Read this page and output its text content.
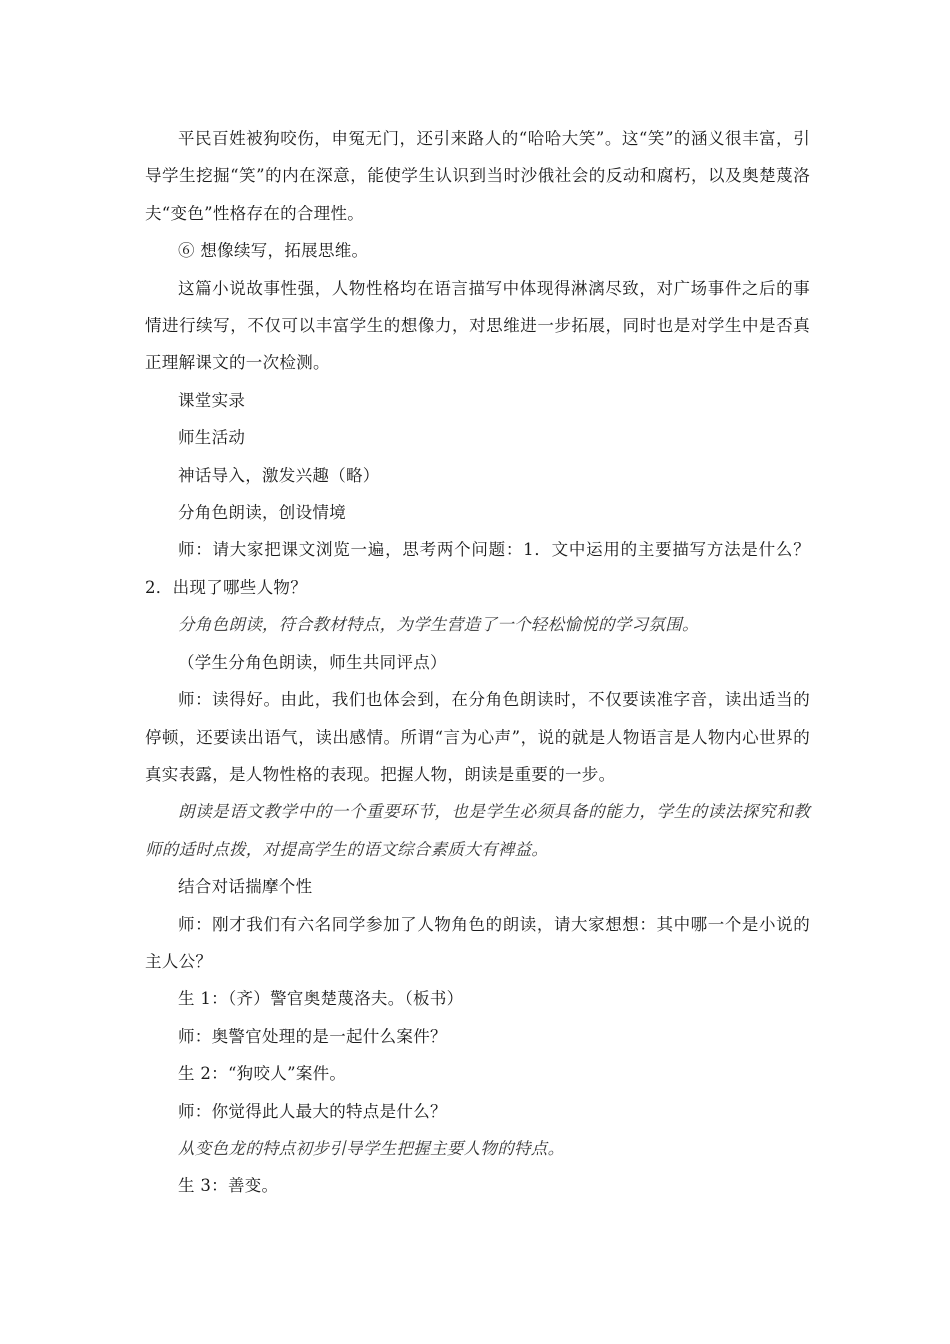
平民百姓被狗咬伤，申冤无门，还引来路人的“哈哈大笑”。这“笑”的涵义很丰富，引导学生挖掘“笑”的内在深意，能使学生认识到当时沙俄社会的反动和腐朽，以及奥楚蔑洛夫“变色”性格存在的合理性。

⑥ 想像续写，拓展思维。

这篇小说故事性强，人物性格均在语言描写中体现得淋漓尽致，对广场事件之后的事情进行续写，不仅可以丰富学生的想像力，对思维进一步拓展，同时也是对学生中是否真正理解课文的一次检测。

课堂实录

师生活动

神话导入，激发兴趣（略）

分角色朗读，创设情境

师：请大家把课文浏览一遍，思考两个问题：1．文中运用的主要描写方法是什么？2．出现了哪些人物？

分角色朗读，符合教材特点，为学生营造了一个轻松愉悦的学习氛围。

（学生分角色朗读，师生共同评点）

师：读得好。由此，我们也体会到，在分角色朗读时，不仅要读准字音，读出适当的停顿，还要读出语气，读出感情。所谓“言为心声”，说的就是人物语言是人物内心世界的真实表露，是人物性格的表现。把握人物，朗读是重要的一步。

朗读是语文教学中的一个重要环节，也是学生必须具备的能力，学生的读法探究和教师的适时点拨，对提高学生的语文综合素质大有裨益。

结合对话揣摩个性

师：刚才我们有六名同学参加了人物角色的朗读，请大家想想：其中哪一个是小说的主人公？

生 1：（齐）警官奥楚蔑洛夫。（板书）

师：奥警官处理的是一起什么案件？

生 2：“狗咬人”案件。

师：你觉得此人最大的特点是什么？

从变色龙的特点初步引导学生把握主要人物的特点。

生 3：善变。
